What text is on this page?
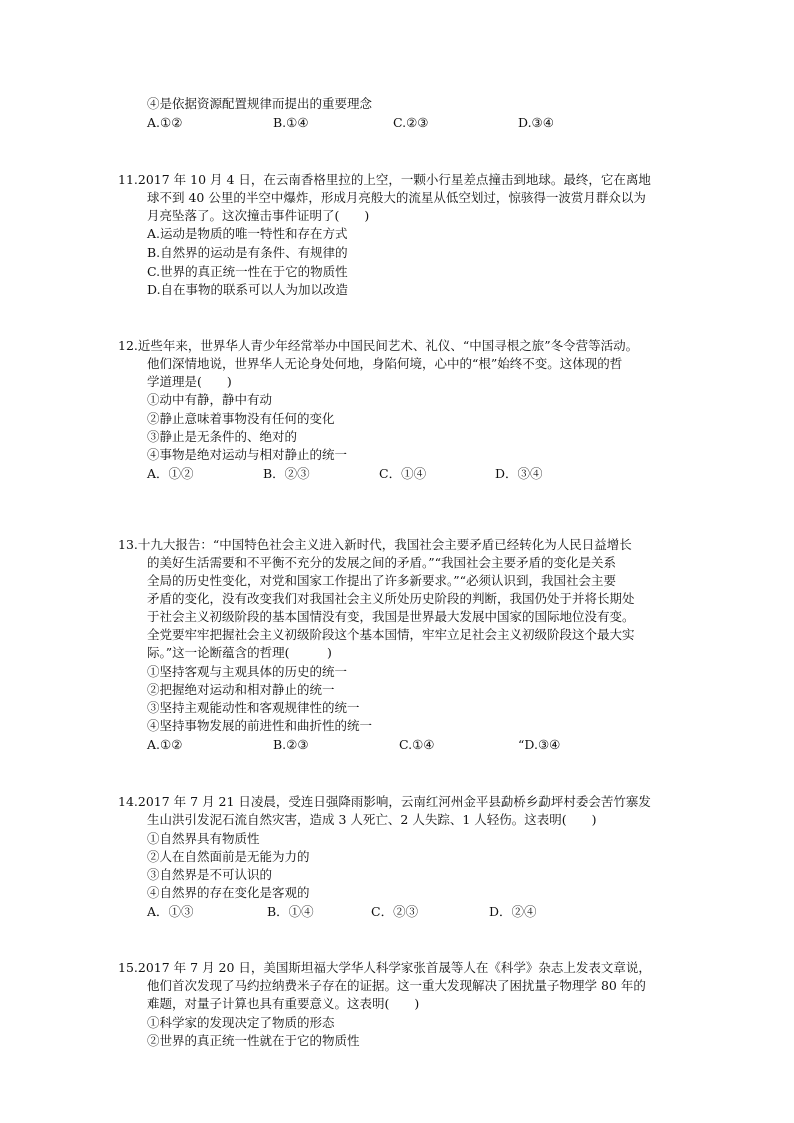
④是依据资源配置规律而提出的重要理念
A.①②	B.①④	C.②③	D.③④
11.2017 年 10 月 4 日，在云南香格里拉的上空，一颗小行星差点撞击到地球。最终，它在离地
球不到 40 公里的半空中爆炸，形成月亮般大的流星从低空划过，惊骇得一波赏月群众以为
月亮坠落了。这次撞击事件证明了(　　)
A.运动是物质的唯一特性和存在方式
B.自然界的运动是有条件、有规律的
C.世界的真正统一性在于它的物质性
D.自在事物的联系可以人为加以改造
12.近些年来，世界华人青少年经常举办中国民间艺术、礼仪、“中国寻根之旅”冬令营等活动。
他们深情地说，世界华人无论身处何地，身陷何境，心中的“根”始终不变。这体现的哲
学道理是(　　)
①动中有静，静中有动
②静止意味着事物没有任何的变化
③静止是无条件的、绝对的
④事物是绝对运动与相对静止的统一
A．①②	B．②③	C．①④	D．③④
13.十九大报告：“中国特色社会主义进入新时代，我国社会主要矛盾已经转化为人民日益增长
的美好生活需要和不平衡不充分的发展之间的矛盾。”“我国社会主要矛盾的变化是关系
全局的历史性变化，对党和国家工作提出了许多新要求。”“必须认识到，我国社会主要
矛盾的变化，没有改变我们对我国社会主义所处历史阶段的判断，我国仍处于并将长期处
于社会主义初级阶段的基本国情没有变，我国是世界最大发展中国家的国际地位没有变。
全党要牢牢把握社会主义初级阶段这个基本国情，牢牢立足社会主义初级阶段这个最大实
际。”这一论断蕴含的哲理(　　　)
①坚持客观与主观具体的历史的统一
②把握绝对运动和相对静止的统一
③坚持主观能动性和客观规律性的统一
④坚持事物发展的前进性和曲折性的统一
A.①②	B.②③	C.①④	“D.③④
14.2017 年 7 月 21 日凌晨，受连日强降雨影响，云南红河州金平县勐桥乡勐坪村委会苦竹寨发
生山洪引发泥石流自然灾害，造成 3 人死亡、2 人失踪、1 人轻伤。这表明(　　)
①自然界具有物质性
②人在自然面前是无能为力的
③自然界是不可认识的
④自然界的存在变化是客观的
A．①③	B．①④	C．②③	D．②④
15.2017 年 7 月 20 日，美国斯坦福大学华人科学家张首晟等人在《科学》杂志上发表文章说，
他们首次发现了马约拉纳费米子存在的证据。这一重大发现解决了困扰量子物理学 80 年的
难题，对量子计算也具有重要意义。这表明(　　)
①科学家的发现决定了物质的形态
②世界的真正统一性就在于它的物质性
